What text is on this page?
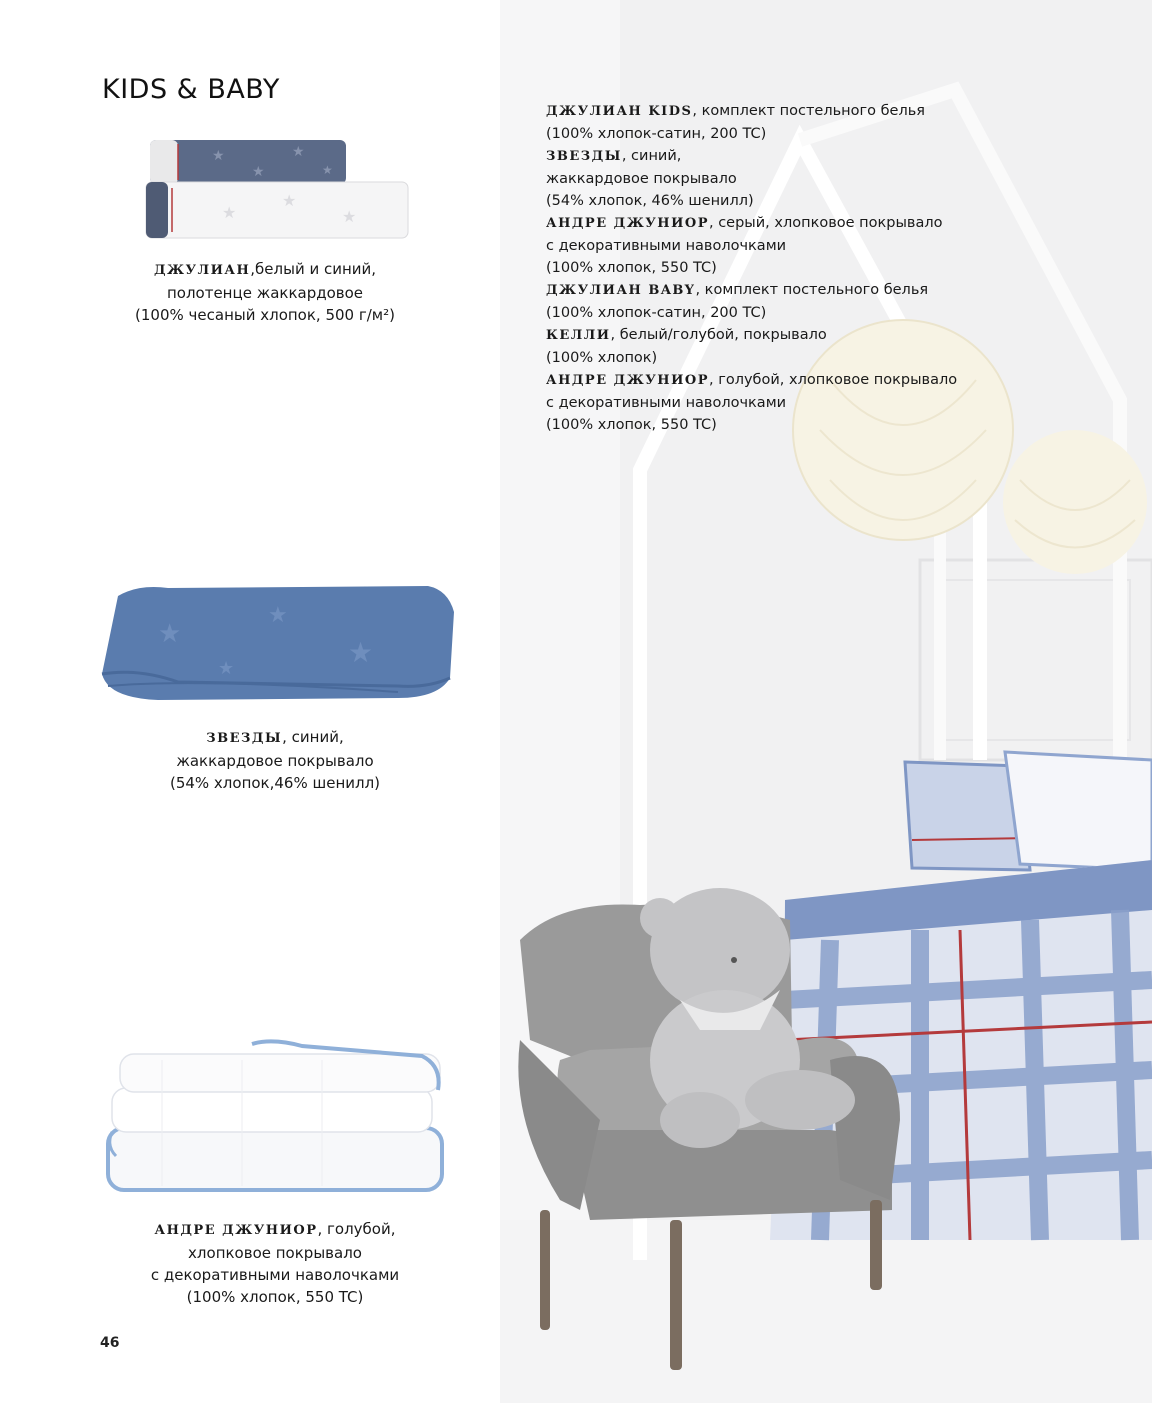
KIDS & BABY
★
★
★
★
★
★
★
ДЖУЛИАН,белый и синий,
полотенце жаккардовое
(100% чесаный хлопок, 500 г/м²)
★
★
★
★
ЗВЕЗДЫ, синий,
жаккардовое покрывало
(54% хлопок,46% шенилл)
АНДРЕ ДЖУНИОР, голубой,
хлопковое покрывало
с декоративными наволочками
(100% хлопок, 550 TC)
46
ДЖУЛИАН KIDS, комплект постельного белья
(100% хлопок-сатин, 200 TC)
ЗВЕЗДЫ, синий,
жаккардовое покрывало
(54% хлопок, 46% шенилл)
АНДРЕ ДЖУНИОР, серый, хлопковое покрывало
с декоративными наволочками
(100% хлопок, 550 TC)
ДЖУЛИАН BABY, комплект постельного белья
(100% хлопок-сатин, 200 TC)
КЕЛЛИ, белый/голубой, покрывало
(100% хлопок)
АНДРЕ ДЖУНИОР, голубой, хлопковое покрывало
с декоративными наволочками
(100% хлопок, 550 TC)
